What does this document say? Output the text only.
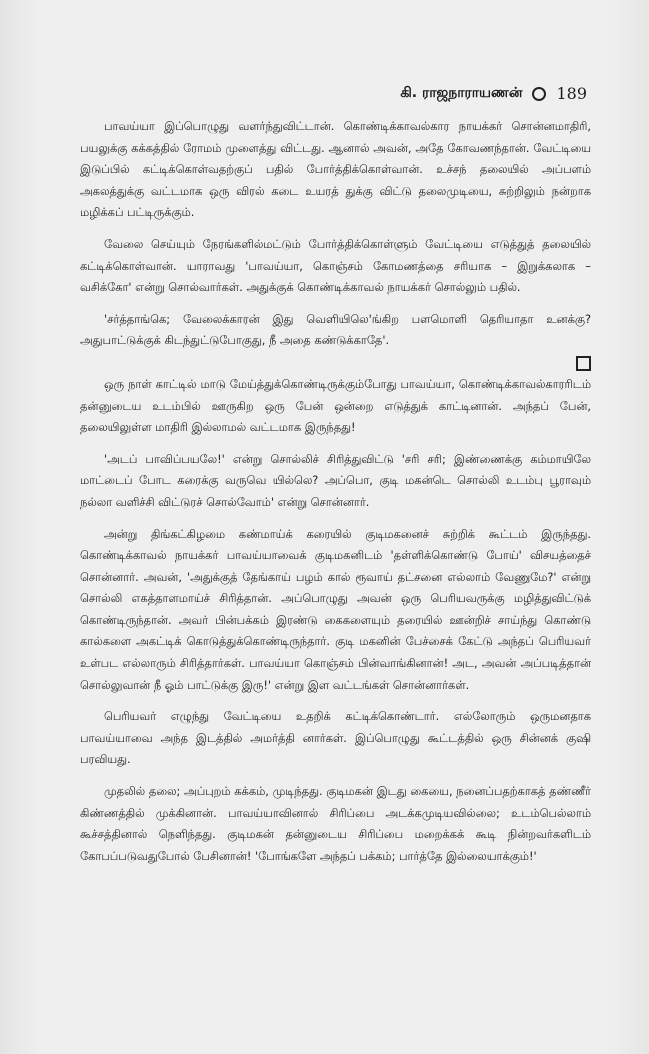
கி. ராஜநாராயணன் 189

பாவய்யா இப்பொழுது வளர்ந்துவிட்டான். கொண்டிக்காவல்கார நாயக்கர் சொன்னமாதிரி, பயலுக்கு கக்கத்தில் ரோமம் முளைத்து விட்டது. ஆனால் அவன், அதே கோவணந்தான். வேட்டியை இடுப்பில் கட்டிக்கொள்வதற்குப் பதில் போர்த்திக்கொள்வான். உச்சந் தலையில் அப்பளம் அகலத்துக்கு வட்டமாக ஒரு விரல் கடை உயரத் துக்கு விட்டு தலைமுடியை, சுற்றிலும் நன்றாக மழிக்கப் பட்டிருக்கும்.

வேலை செய்யும் நேரங்களில்மட்டும் போர்த்திக்கொள்ளும் வேட்டியை எடுத்துத் தலையில் கட்டிக்கொள்வான். யாராவது 'பாவய்யா, கொஞ்சம் கோமணத்தை சரியாக – இறுக்கலாக – வசிக்கோ' என்று சொல்வார்கள். அதுக்குக் கொண்டிக்காவல் நாயக்கர் சொல்லும் பதில்.

'சர்த்தாங்கெ; வேலைக்காரன் இது வெளியிலெ'ங்கிற பளமொளி தெரியாதா உனக்கு? அதுபாட்டுக்குக் கிடந்துட்டுபோகுது, நீ அதை கண்டுக்காதே'.

ஒரு நாள் காட்டில் மாடு மேய்த்துக்கொண்டிருக்கும்போது பாவய்யா, கொண்டிக்காவல்காரரிடம் தன்னுடைய உடம்பில் ஊருகிற ஒரு பேன் ஒன்றை எடுத்துக் காட்டினான். அந்தப் பேன், தலையிலுள்ள மாதிரி இல்லாமல் வட்டமாக இருந்தது!

'அடப் பாவிப்பயலே!' என்று சொல்லிச் சிரித்துவிட்டு 'சரி சரி; இண்ணைக்கு கம்மாயிலே மாட்டைப் போட கரைக்கு வருவெ யில்லெ? அப்பொ, குடி மகன்டெ சொல்லி உடம்பு பூராவும் நல்லா வளிச்சி விட்டுரச் சொல்வோம்' என்று சொன்னார்.

அன்று திங்கட்கிழமை கண்மாய்க் கரையில் குடிமகனைச் சுற்றிக் கூட்டம் இருந்தது. கொண்டிக்காவல் நாயக்கர் பாவய்யாவைக் குடிமகனிடம் 'தள்ளிக்கொண்டு போய்' விசயத்தைச் சொன்னார். அவன், 'அதுக்குத் தேங்காய் பழம் கால் ரூவாய் தட்சனை எல்லாம் வேணுமே?' என்று சொல்லி எகத்தாளமாய்ச் சிரித்தான். அப்பொழுது அவன் ஒரு பெரியவருக்கு மழித்துவிட்டுக் கொண்டிருந்தான். அவர் பின்பக்கம் இரண்டு கைகளையும் தரையில் ஊன்றிச் சாய்ந்து கொண்டு கால்களை அகட்டிக் கொடுத்துக்கொண்டிருந்தார். குடி மகனின் பேச்சைக் கேட்டு அந்தப் பெரியவர் உள்பட எல்லாரும் சிரித்தார்கள். பாவய்யா கொஞ்சம் பின்வாங்கினான்! அட, அவன் அப்படித்தான் சொல்லுவான் நீ ஓம் பாட்டுக்கு இரு!' என்று இள வட்டங்கள் சொன்னார்கள்.

பெரியவர் எழுந்து வேட்டியை உதறிக் கட்டிக்கொண்டார். எல்லோரும் ஒருமனதாக பாவய்யாவை அந்த இடத்தில் அமர்த்தி னார்கள். இப்பொழுது கூட்டத்தில் ஒரு சின்னக் குஷி பரவியது.

முதலில் தலை; அப்புறம் கக்கம், முடிந்தது. குடிமகன் இடது கையை, நனைப்பதற்காகத் தண்ணீர் கிண்ணத்தில் முக்கினான். பாவய்யாவினால் சிரிப்பை அடக்கமுடியவில்லை; உடம்பெல்லாம் கூச்சத்தினால் நெளிந்தது. குடிமகன் தன்னுடைய சிரிப்பை மறைக்கக் கூடி நின்றவர்களிடம் கோபப்படுவதுபோல் பேசினான்! 'போங்களே அந்தப் பக்கம்; பார்த்தே இல்லையாக்கும்!'
